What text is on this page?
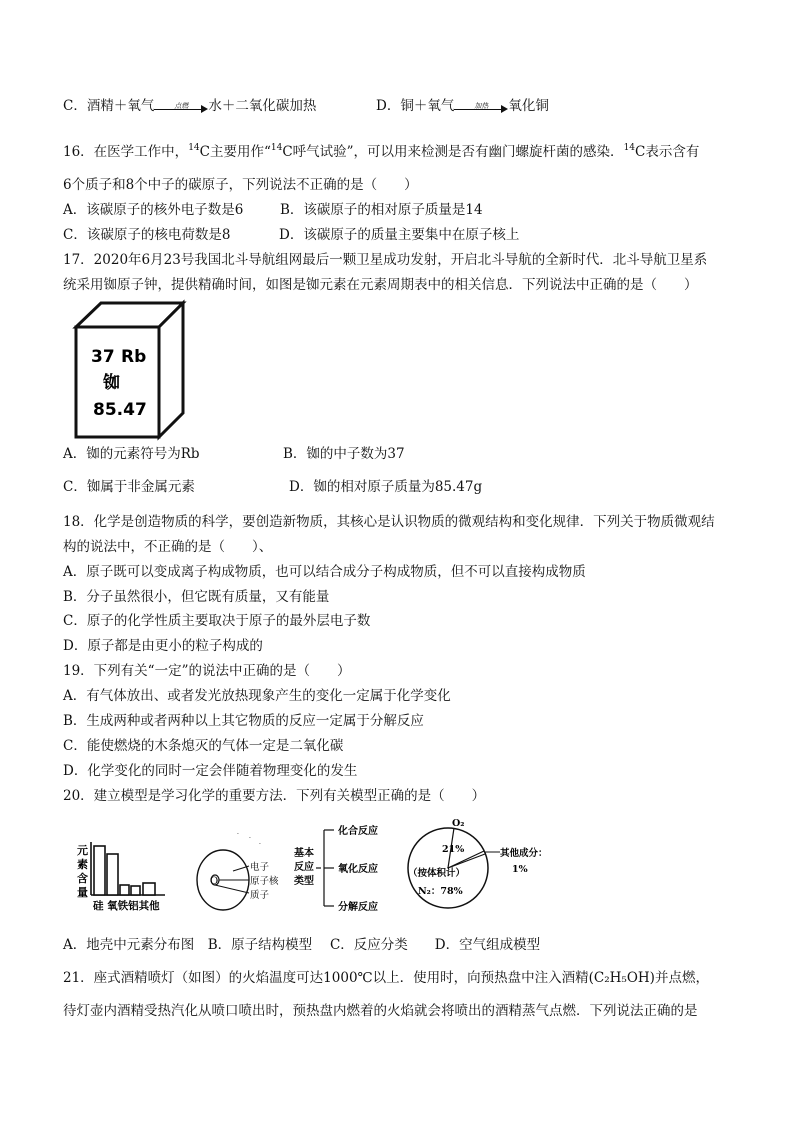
C．酒精＋氧气	点燃	水＋二氧化碳加热	D．铜＋氧气	加热	氧化铜
16．在医学工作中，$^{14}$C主要用作“$^{14}$C呼气试验”，可以用来检测是否有幽门螺旋杆菌的感染．$^{14}$C表示含有
6个质子和8个中子的碳原子，下列说法不正确的是（　　）
A．该碳原子的核外电子数是6	B．该碳原子的相对原子质量是14
C．该碳原子的核电荷数是8	D．该碳原子的质量主要集中在原子核上
17．2020年6月23号我国北斗导航组网最后一颗卫星成功发射，开启北斗导航的全新时代．北斗导航卫星系
统采用铷原子钟，提供精确时间，如图是铷元素在元素周期表中的相关信息．下列说法中正确的是（　　）
37 Rb
铷
85.47
A．铷的元素符号为Rb	B．铷的中子数为37
C．铷属于非金属元素	D．铷的相对原子质量为85.47g
18．化学是创造物质的科学，要创造新物质，其核心是认识物质的微观结构和变化规律．下列关于物质微观结
构的说法中，不正确的是（　　）、
A．原子既可以变成离子构成物质，也可以结合成分子构成物质，但不可以直接构成物质
B．分子虽然很小，但它既有质量，又有能量
C．原子的化学性质主要取决于原子的最外层电子数
D．原子都是由更小的粒子构成的
19．下列有关“一定”的说法中正确的是（　　）
A．有气体放出、或者发光放热现象产生的变化一定属于化学变化
B．生成两种或者两种以上其它物质的反应一定属于分解反应
C．能使燃烧的木条熄灭的气体一定是二氧化碳
D．化学变化的同时一定会伴随着物理变化的发生
20．建立模型是学习化学的重要方法．下列有关模型正确的是（　　）
元
素
含
量
硅 氧铁铝其他
·
·
·
O
电子
原子核
质子
基本
反应
类型
化合反应
氧化反应
分解反应
O₂
21%
（按体积计）
N₂：78%
其他成分：
1%
A．地壳中元素分布图　B．原子结构模型　 C．反应分类　　D．空气组成模型
21．座式酒精喷灯（如图）的火焰温度可达1000℃以上．使用时，向预热盘中注入酒精(C₂H₅OH)并点燃，
待灯壶内酒精受热汽化从喷口喷出时，预热盘内燃着的火焰就会将喷出的酒精蒸气点燃．下列说法正确的是
